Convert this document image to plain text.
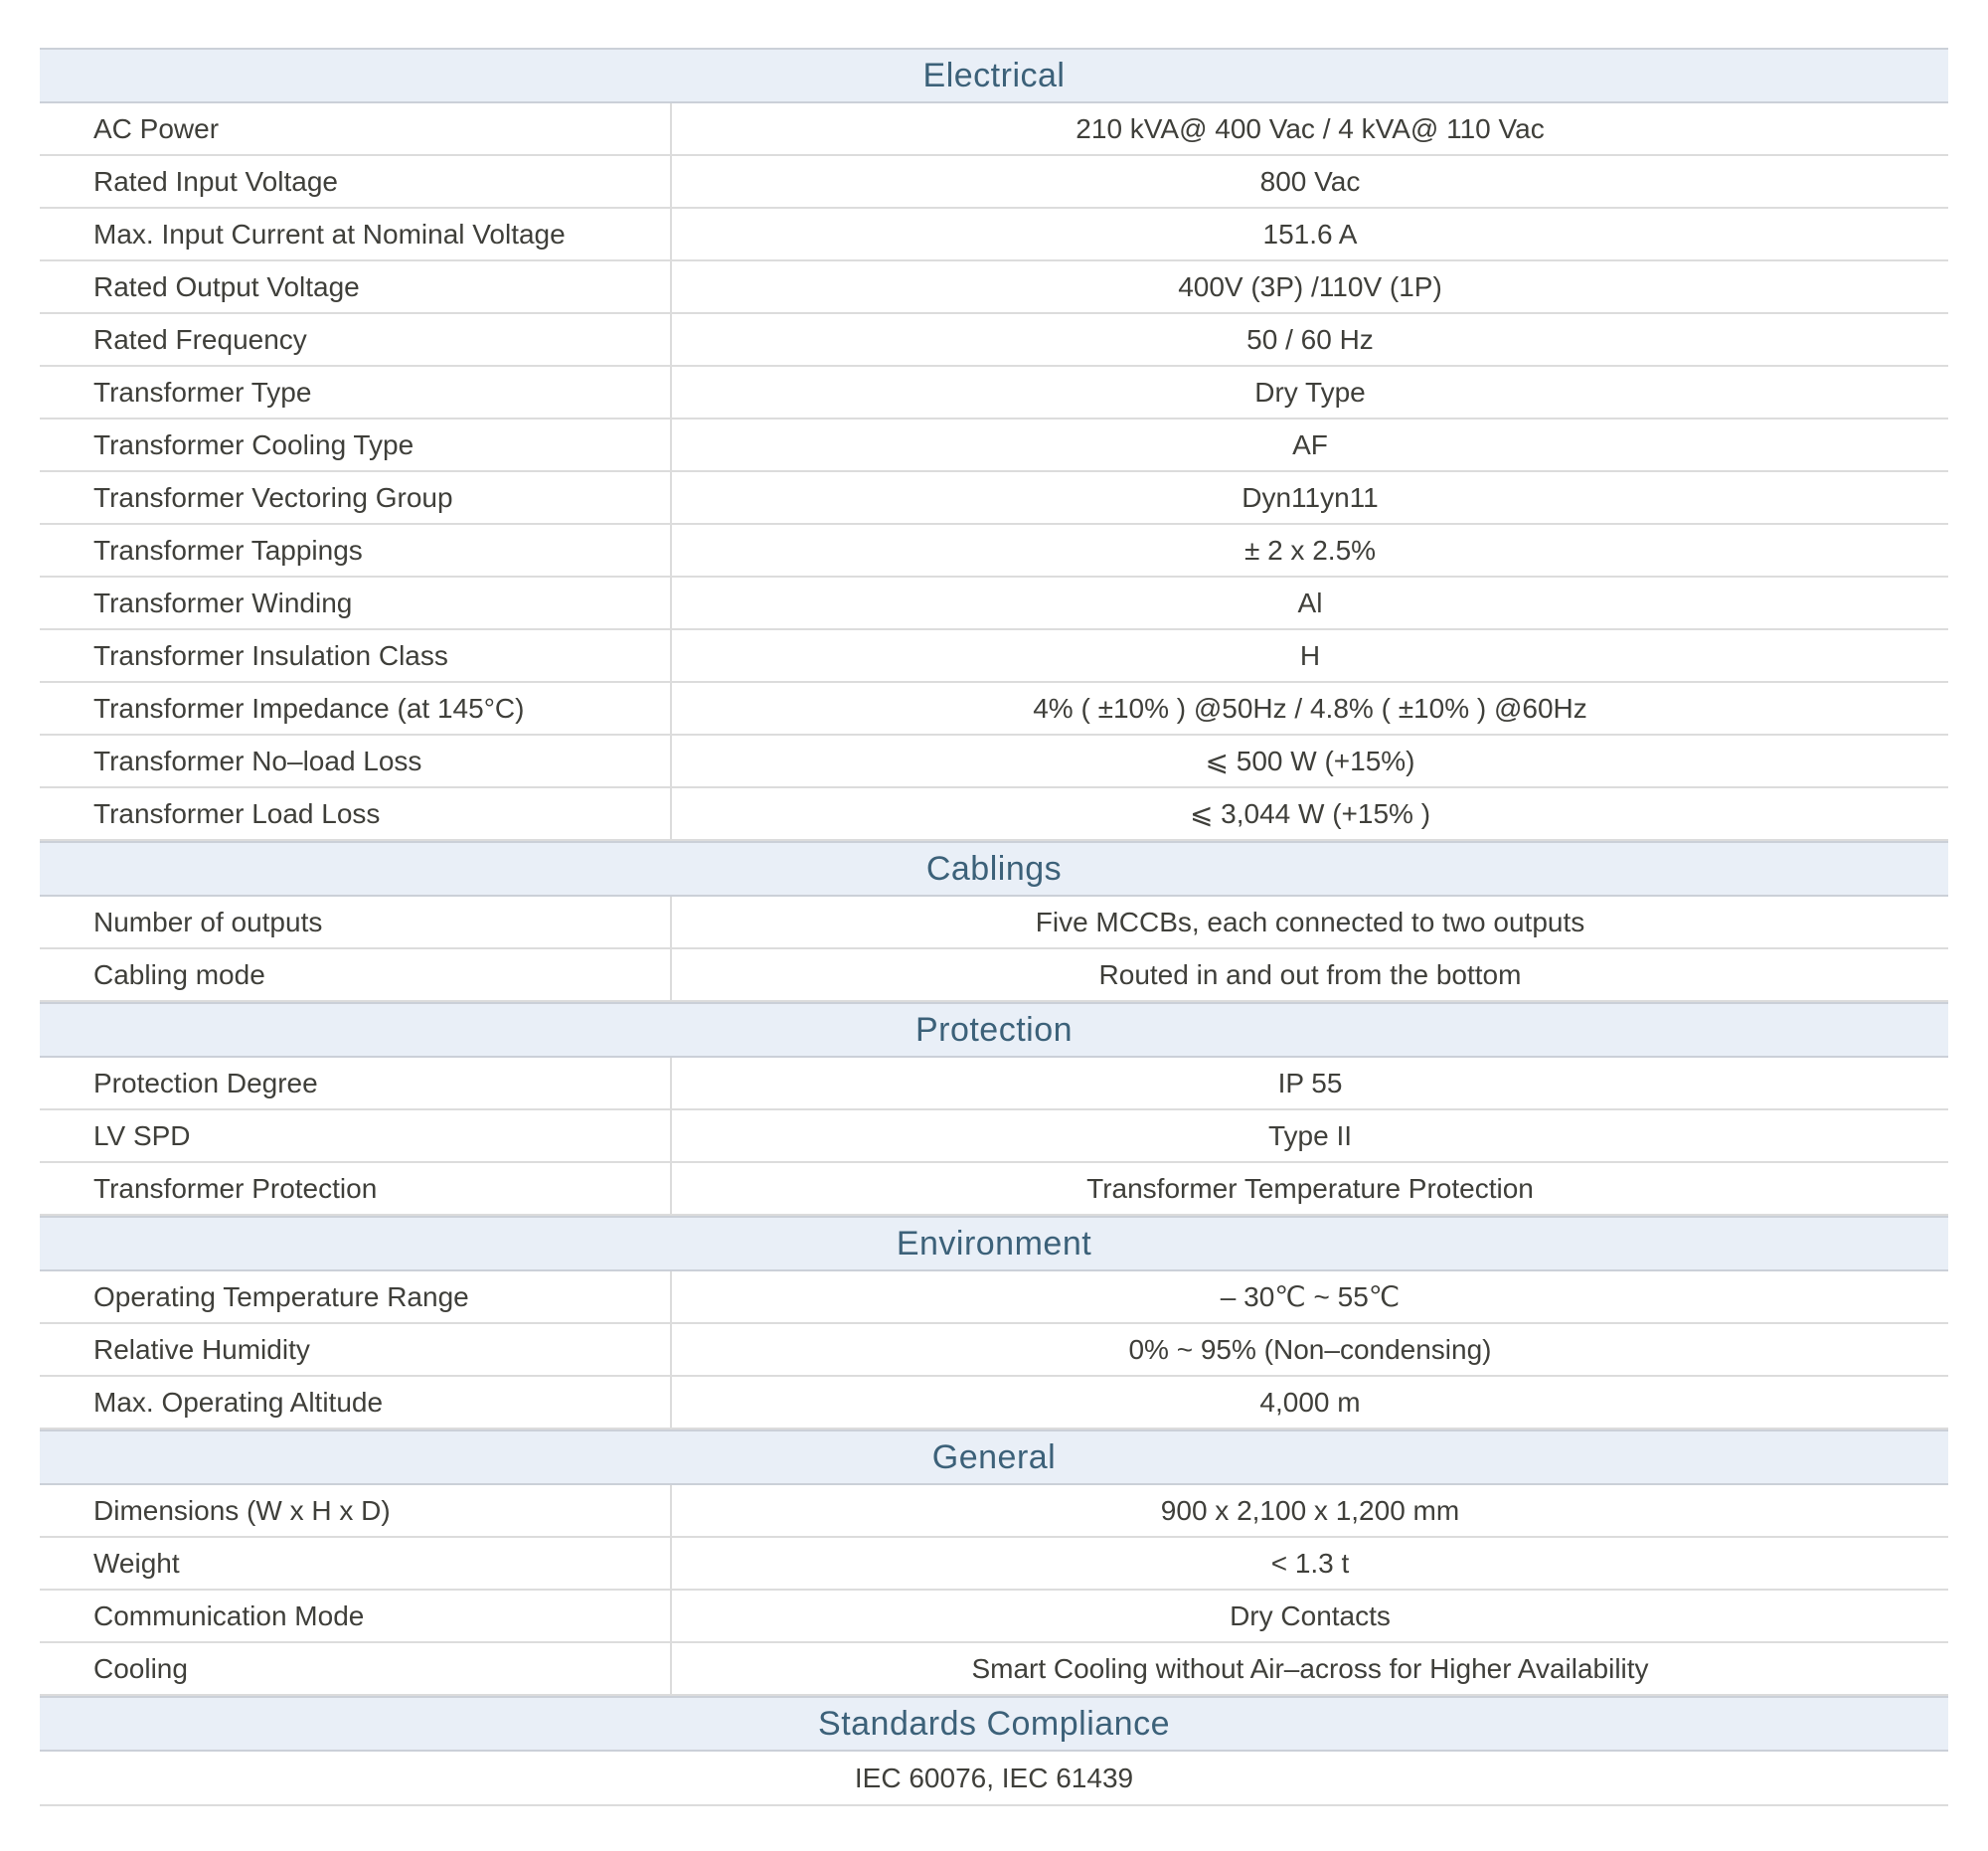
Electrical
AC Power	210 kVA@ 400 Vac / 4 kVA@ 110 Vac
Rated Input Voltage	800 Vac
Max. Input Current at Nominal Voltage	151.6 A
Rated Output Voltage	400V (3P) /110V (1P)
Rated Frequency	50 / 60 Hz
Transformer Type	Dry Type
Transformer Cooling Type	AF
Transformer Vectoring Group	Dyn11yn11
Transformer Tappings	± 2 x 2.5%
Transformer Winding	Al
Transformer Insulation Class	H
Transformer Impedance (at 145°C)	4% ( ±10% ) @50Hz / 4.8% ( ±10% ) @60Hz
Transformer No–load Loss	⩽ 500 W (+15%)
Transformer Load Loss	⩽ 3,044 W (+15% )
Cablings
Number of outputs	Five MCCBs, each connected to two outputs
Cabling mode	Routed in and out from the bottom
Protection
Protection Degree	IP 55
LV SPD	Type II
Transformer Protection	Transformer Temperature Protection
Environment
Operating Temperature Range	– 30℃ ~ 55℃
Relative Humidity	0% ~ 95% (Non–condensing)
Max. Operating Altitude	4,000 m
General
Dimensions (W x H x D)	900 x 2,100 x 1,200 mm
Weight	< 1.3 t
Communication Mode	Dry Contacts
Cooling	Smart Cooling without Air–across for Higher Availability
Standards Compliance
IEC 60076, IEC 61439
